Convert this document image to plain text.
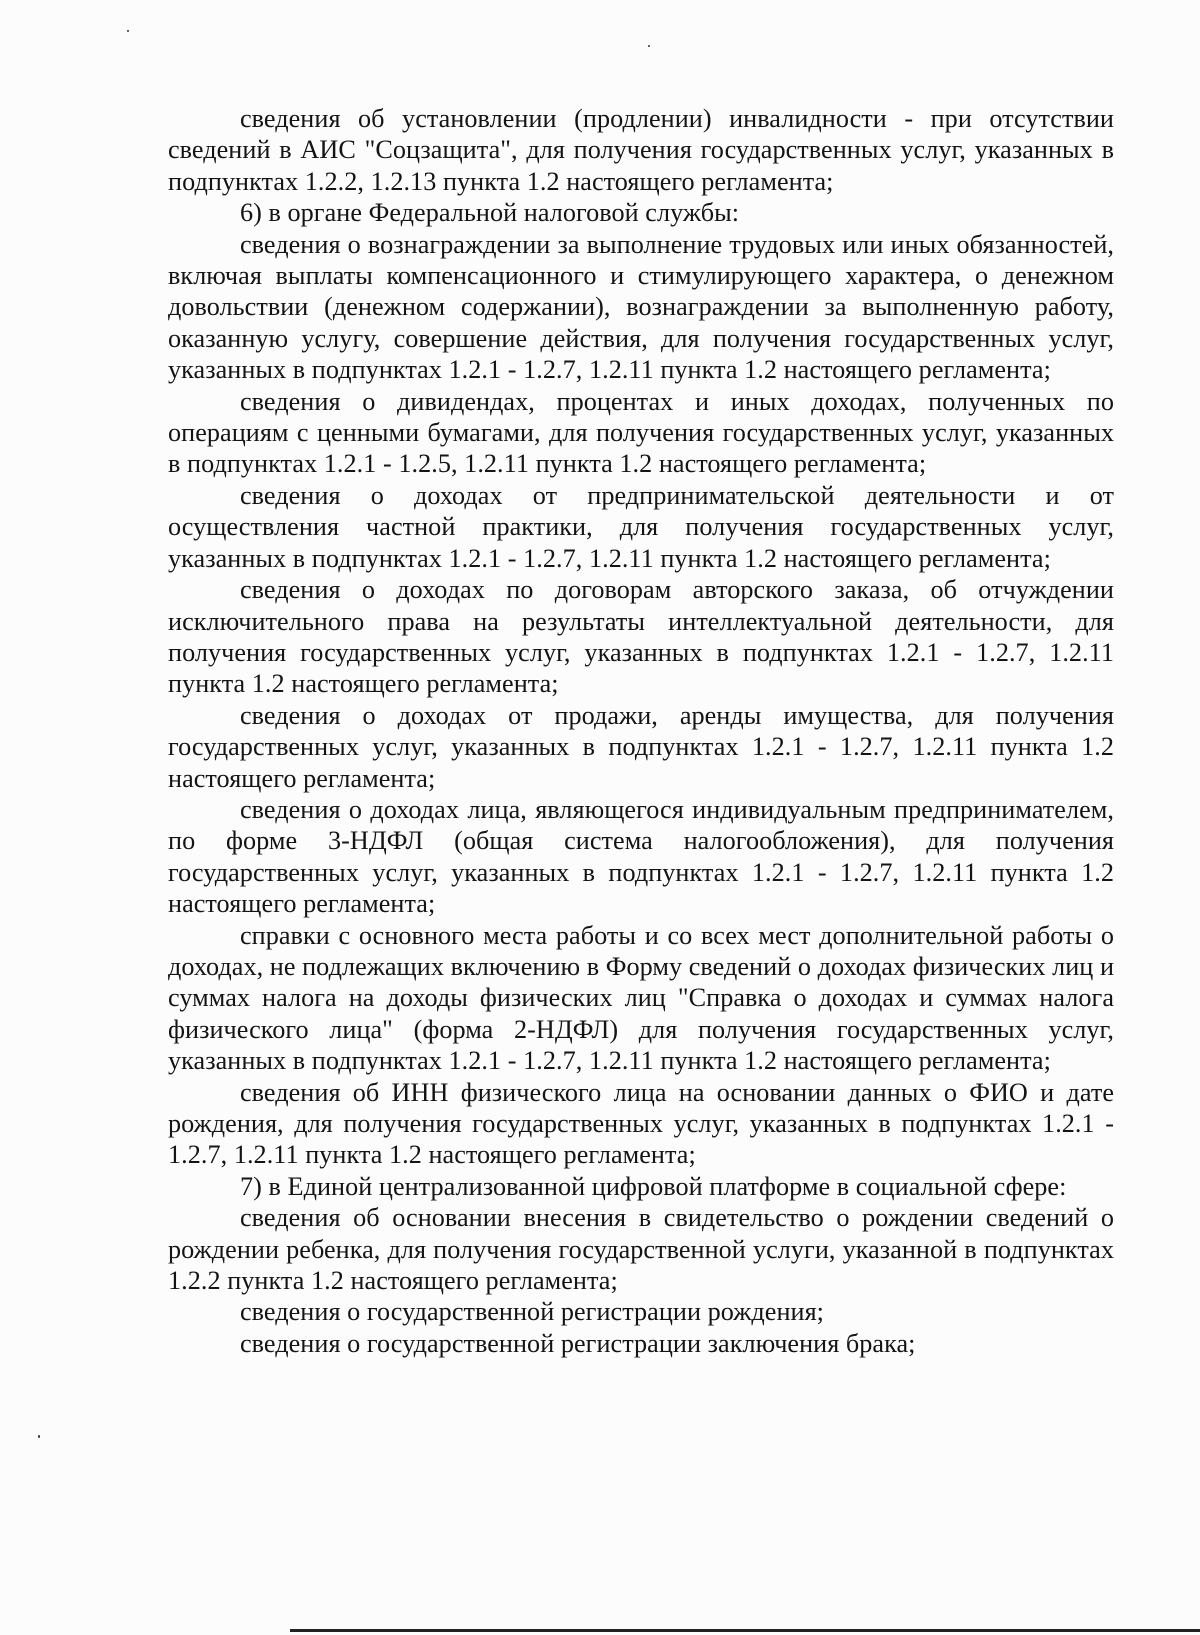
сведения об установлении (продлении) инвалидности - при отсутствии сведений в АИС "Соцзащита", для получения государственных услуг, указанных в подпунктах 1.2.2, 1.2.13 пункта 1.2 настоящего регламента;

6) в органе Федеральной налоговой службы:

сведения о вознаграждении за выполнение трудовых или иных обязанностей, включая выплаты компенсационного и стимулирующего характера, о денежном довольствии (денежном содержании), вознаграждении за выполненную работу, оказанную услугу, совершение действия, для получения государственных услуг, указанных в подпунктах 1.2.1 - 1.2.7, 1.2.11 пункта 1.2 настоящего регламента;

сведения о дивидендах, процентах и иных доходах, полученных по операциям с ценными бумагами, для получения государственных услуг, указанных в подпунктах 1.2.1 - 1.2.5, 1.2.11 пункта 1.2 настоящего регламента;

сведения о доходах от предпринимательской деятельности и от осуществления частной практики, для получения государственных услуг, указанных в подпунктах 1.2.1 - 1.2.7, 1.2.11 пункта 1.2 настоящего регламента;

сведения о доходах по договорам авторского заказа, об отчуждении исключительного права на результаты интеллектуальной деятельности, для получения государственных услуг, указанных в подпунктах 1.2.1 - 1.2.7, 1.2.11 пункта 1.2 настоящего регламента;

сведения о доходах от продажи, аренды имущества, для получения государственных услуг, указанных в подпунктах 1.2.1 - 1.2.7, 1.2.11 пункта 1.2 настоящего регламента;

сведения о доходах лица, являющегося индивидуальным предпринимателем, по форме 3-НДФЛ (общая система налогообложения), для получения государственных услуг, указанных в подпунктах 1.2.1 - 1.2.7, 1.2.11 пункта 1.2 настоящего регламента;

справки с основного места работы и со всех мест дополнительной работы о доходах, не подлежащих включению в Форму сведений о доходах физических лиц и суммах налога на доходы физических лиц "Справка о доходах и суммах налога физического лица" (форма 2-НДФЛ) для получения государственных услуг, указанных в подпунктах 1.2.1 - 1.2.7, 1.2.11 пункта 1.2 настоящего регламента;

сведения об ИНН физического лица на основании данных о ФИО и дате рождения, для получения государственных услуг, указанных в подпунктах 1.2.1 - 1.2.7, 1.2.11 пункта 1.2 настоящего регламента;

7) в Единой централизованной цифровой платформе в социальной сфере:

сведения об основании внесения в свидетельство о рождении сведений о рождении ребенка, для получения государственной услуги, указанной в подпунктах 1.2.2 пункта 1.2 настоящего регламента;

сведения о государственной регистрации рождения;

сведения о государственной регистрации заключения брака;
